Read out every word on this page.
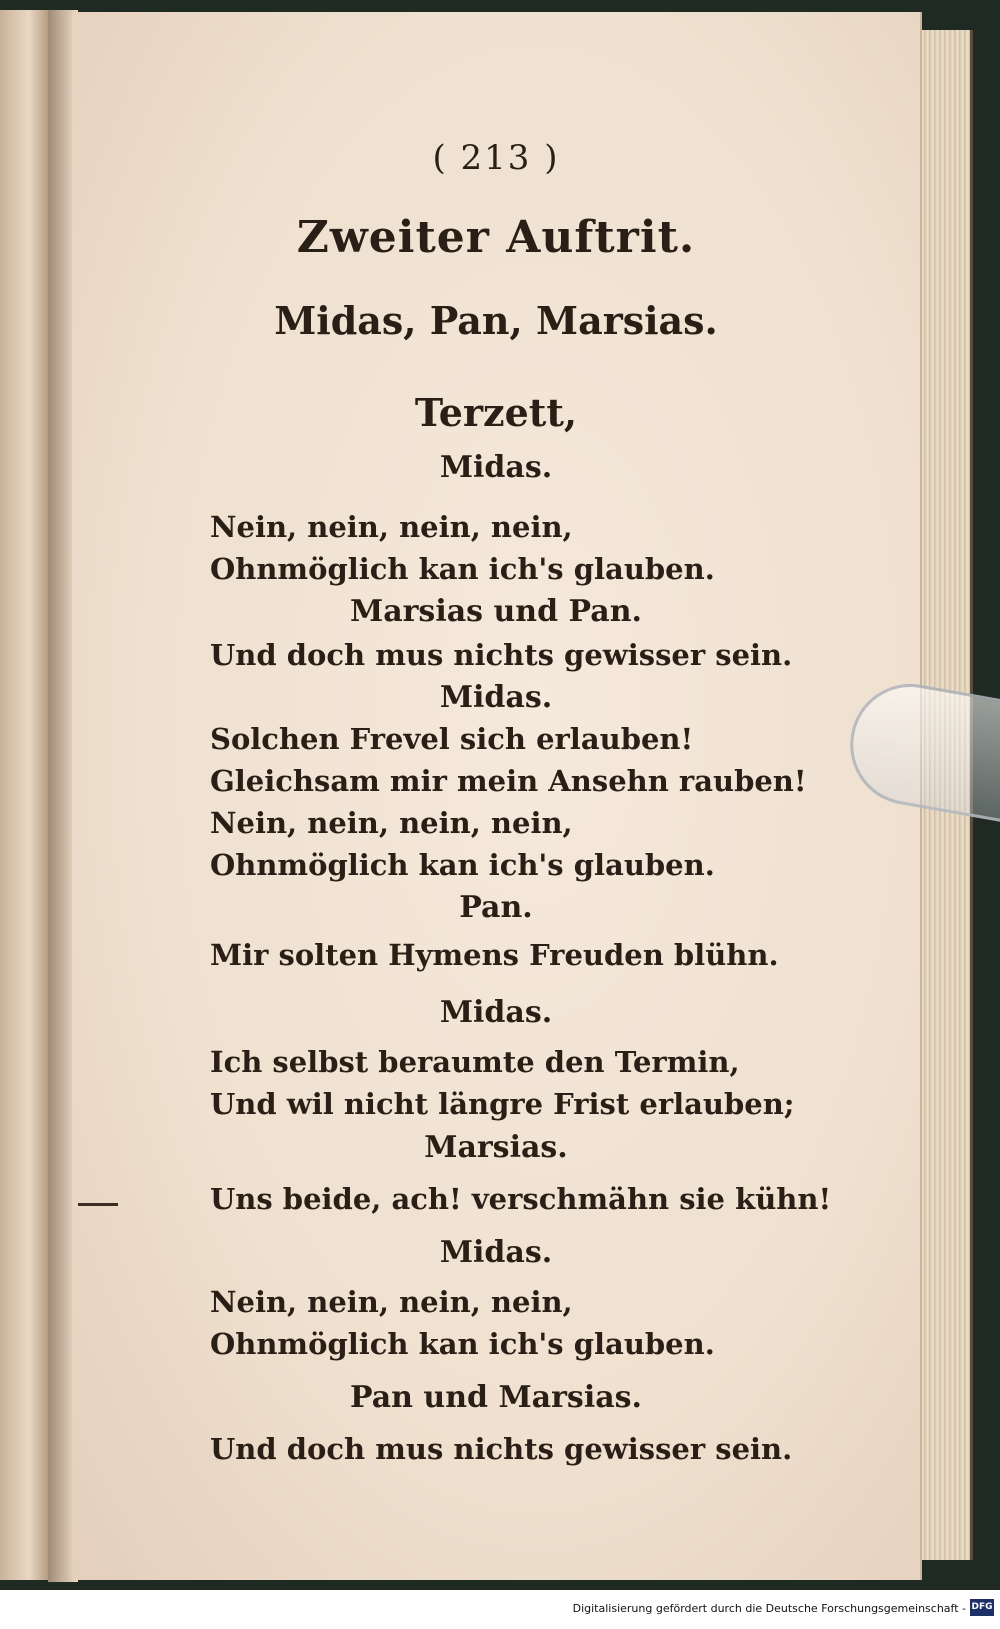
( 213 )
Zweiter Auftrit.
Midas, Pan, Marsias.
Terzett,
Midas.
Nein, nein, nein, nein,
Ohnmöglich kan ich's glauben.
Marsias und Pan.
Und doch mus nichts gewisser sein.
Midas.
Solchen Frevel sich erlauben!
Gleichsam mir mein Ansehn rauben!
Nein, nein, nein, nein,
Ohnmöglich kan ich's glauben.
Pan.
Mir solten Hymens Freuden blühn.
Midas.
Ich selbst beraumte den Termin,
Und wil nicht längre Frist erlauben;
Marsias.
Uns beide, ach! verschmähn sie kühn!
Midas.
Nein, nein, nein, nein,
Ohnmöglich kan ich's glauben.
Pan und Marsias.
Und doch mus nichts gewisser sein.
Digitalisierung gefördert durch die Deutsche Forschungsgemeinschaft - DFG
